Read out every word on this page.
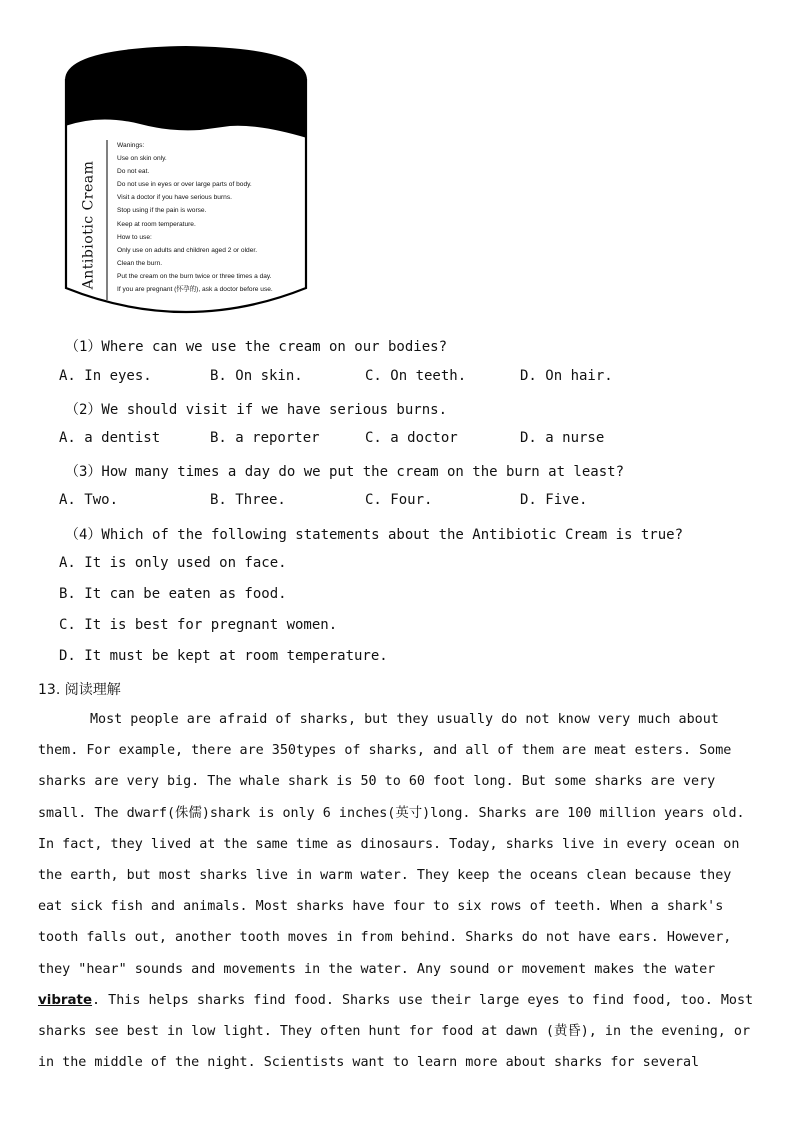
Antibiotic Cream
Wanings:
Use on skin only.
Do not eat.
Do not use in eyes or over large parts of body.
Visit a doctor if you have serious burns.
Stop using if the pain is worse.
Keep at room temperature.
How to use:
Only use on adults and children aged 2 or older.
Clean the burn.
Put the cream on the burn twice or three times a day.
If you are pregnant (怀孕的), ask a doctor before use.
（1）Where can we use the cream on our bodies?
A. In eyes.	B. On skin.	C. On teeth.	D. On hair.
（2）We should visit if we have serious burns.
A. a dentist	B. a reporter	C. a doctor	D. a nurse
（3）How many times a day do we put the cream on the burn at least?
A. Two.	B. Three.	C. Four.	D. Five.
（4）Which of the following statements about the Antibiotic Cream is true?
A. It is only used on face.
B. It can be eaten as food.
C. It is best for pregnant women.
D. It must be kept at room temperature.
13. 阅读理解
Most people are afraid of sharks, but they usually do not know very much about
them. For example, there are 350types of sharks, and all of them are meat esters. Some
sharks are very big. The whale shark is 50 to 60 foot long. But some sharks are very
small. The dwarf(侏儒)shark is only 6 inches(英寸)long. Sharks are 100 million years old.
In fact, they lived at the same time as dinosaurs. Today, sharks live in every ocean on
the earth, but most sharks live in warm water. They keep the oceans clean because they
eat sick fish and animals. Most sharks have four to six rows of teeth. When a shark's
tooth falls out, another tooth moves in from behind. Sharks do not have ears. However,
they "hear" sounds and movements in the water. Any sound or movement makes the water
vibrate . This helps sharks find food. Sharks use their large eyes to find food, too. Most
sharks see best in low light. They often hunt for food at dawn (黄昏), in the evening, or
in the middle of the night. Scientists want to learn more about sharks for several
